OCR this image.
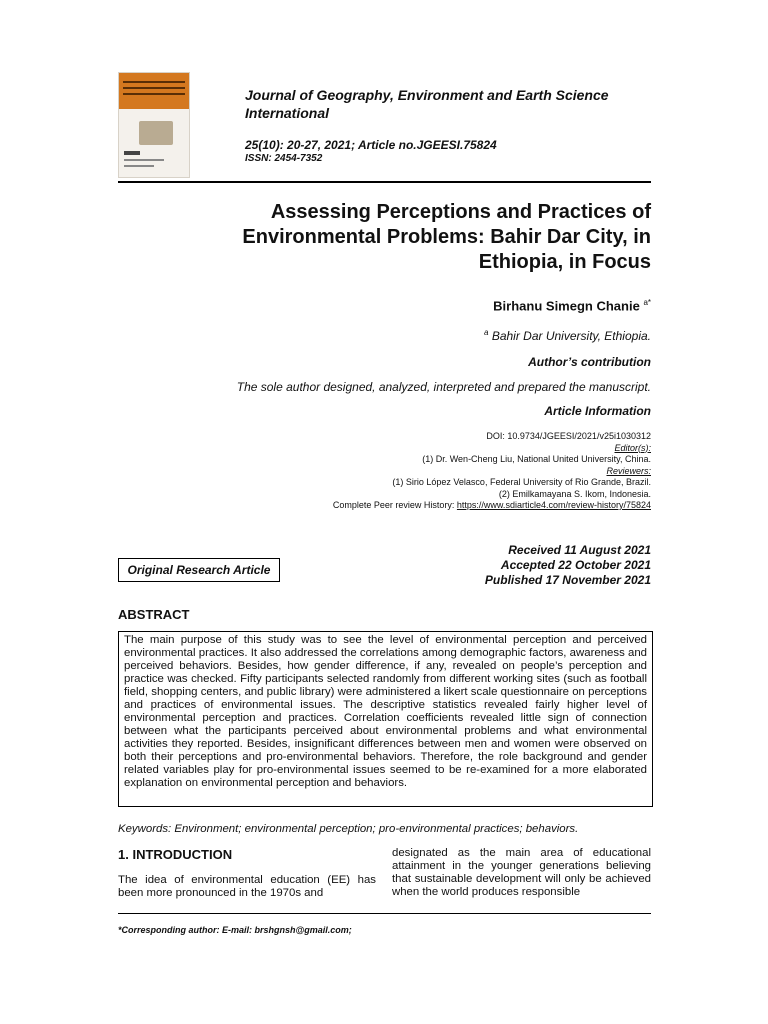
Journal of Geography, Environment and Earth Science International
25(10): 20-27, 2021; Article no.JGEESI.75824
ISSN: 2454-7352
Assessing Perceptions and Practices of Environmental Problems: Bahir Dar City, in Ethiopia, in Focus
Birhanu Simegn Chanie $^{a*}$
$^a$ Bahir Dar University, Ethiopia.
Author’s contribution
The sole author designed, analyzed, interpreted and prepared the manuscript.
Article Information
DOI: 10.9734/JGEESI/2021/v25i1030312
Editor(s):
(1) Dr. Wen-Cheng Liu, National United University, China.
Reviewers:
(1) Sirio López Velasco, Federal University of Rio Grande, Brazil.
(2) Emilkamayana S. Ikom, Indonesia.
Complete Peer review History: https://www.sdiarticle4.com/review-history/75824
Received 11 August 2021
Accepted 22 October 2021
Published 17 November 2021
Original Research Article
ABSTRACT
The main purpose of this study was to see the level of environmental perception and perceived environmental practices. It also addressed the correlations among demographic factors, awareness and perceived behaviors. Besides, how gender difference, if any, revealed on people’s perception and practice was checked. Fifty participants selected randomly from different working sites (such as football field, shopping centers, and public library) were administered a likert scale questionnaire on perceptions and practices of environmental issues. The descriptive statistics revealed fairly higher level of environmental perception and practices. Correlation coefficients revealed little sign of connection between what the participants perceived about environmental problems and what environmental activities they reported. Besides, insignificant differences between men and women were observed on both their perceptions and pro-environmental behaviors. Therefore, the role background and gender related variables play for pro-environmental issues seemed to be re-examined for a more elaborated explanation on environmental perception and behaviors.
Keywords: Environment; environmental perception; pro-environmental practices; behaviors.
1. INTRODUCTION
The idea of environmental education (EE) has been more pronounced in the 1970s and
designated as the main area of educational attainment in the younger generations believing that sustainable development will only be achieved when the world produces responsible
*Corresponding author: E-mail: brshgnsh@gmail.com;
